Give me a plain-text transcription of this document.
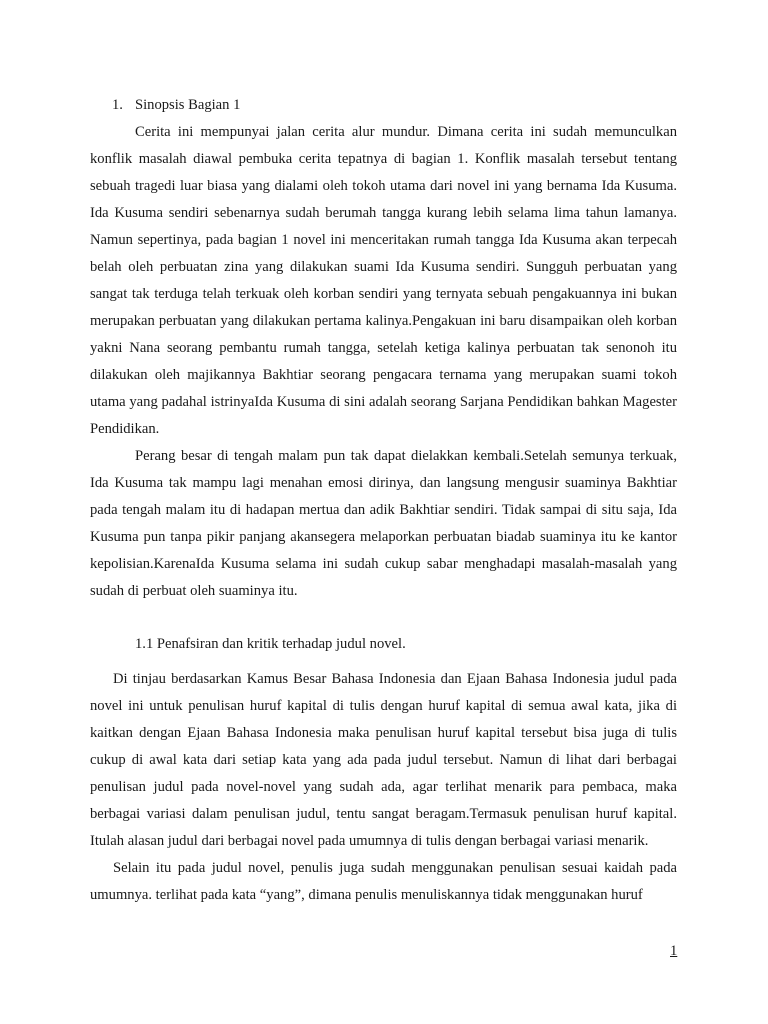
1. Sinopsis Bagian 1

Cerita ini mempunyai jalan cerita alur mundur. Dimana cerita ini sudah memunculkan konflik masalah diawal pembuka cerita tepatnya di bagian 1. Konflik masalah tersebut tentang sebuah tragedi luar biasa yang dialami oleh tokoh utama dari novel ini yang bernama Ida Kusuma. Ida Kusuma sendiri sebenarnya sudah berumah tangga kurang lebih selama lima tahun lamanya. Namun sepertinya, pada bagian 1 novel ini menceritakan rumah tangga Ida Kusuma akan terpecah belah oleh perbuatan zina yang dilakukan suami Ida Kusuma sendiri. Sungguh perbuatan yang sangat tak terduga telah terkuak oleh korban sendiri yang ternyata sebuah pengakuannya ini bukan merupakan perbuatan yang dilakukan pertama kalinya.Pengakuan ini baru disampaikan oleh korban yakni Nana seorang pembantu rumah tangga, setelah ketiga kalinya perbuatan tak senonoh itu dilakukan oleh majikannya Bakhtiar seorang pengacara ternama yang merupakan suami tokoh utama yang padahal istrinyaIda Kusuma di sini adalah seorang Sarjana Pendidikan bahkan Magester Pendidikan.

Perang besar di tengah malam pun tak dapat dielakkan kembali.Setelah semunya terkuak, Ida Kusuma tak mampu lagi menahan emosi dirinya, dan langsung mengusir suaminya Bakhtiar pada tengah malam itu di hadapan mertua dan adik Bakhtiar sendiri. Tidak sampai di situ saja, Ida Kusuma pun tanpa pikir panjang akansegera melaporkan perbuatan biadab suaminya itu ke kantor kepolisian.KarenaIda Kusuma selama ini sudah cukup sabar menghadapi masalah-masalah yang sudah di perbuat oleh suaminya itu.

1.1 Penafsiran dan kritik terhadap judul novel.

Di tinjau berdasarkan Kamus Besar Bahasa Indonesia dan Ejaan Bahasa Indonesia judul pada novel ini untuk penulisan huruf kapital di tulis dengan huruf kapital di semua awal kata, jika di kaitkan dengan Ejaan Bahasa Indonesia maka penulisan huruf kapital tersebut bisa juga di tulis cukup di awal kata dari setiap kata yang ada pada judul tersebut. Namun di lihat dari berbagai penulisan judul pada novel-novel yang sudah ada, agar terlihat menarik para pembaca, maka berbagai variasi dalam penulisan judul, tentu sangat beragam.Termasuk penulisan huruf kapital. Itulah alasan judul dari berbagai novel pada umumnya di tulis dengan berbagai variasi menarik.

Selain itu pada judul novel, penulis juga sudah menggunakan penulisan sesuai kaidah pada umumnya. terlihat pada kata “yang”, dimana penulis menuliskannya tidak menggunakan huruf

1
